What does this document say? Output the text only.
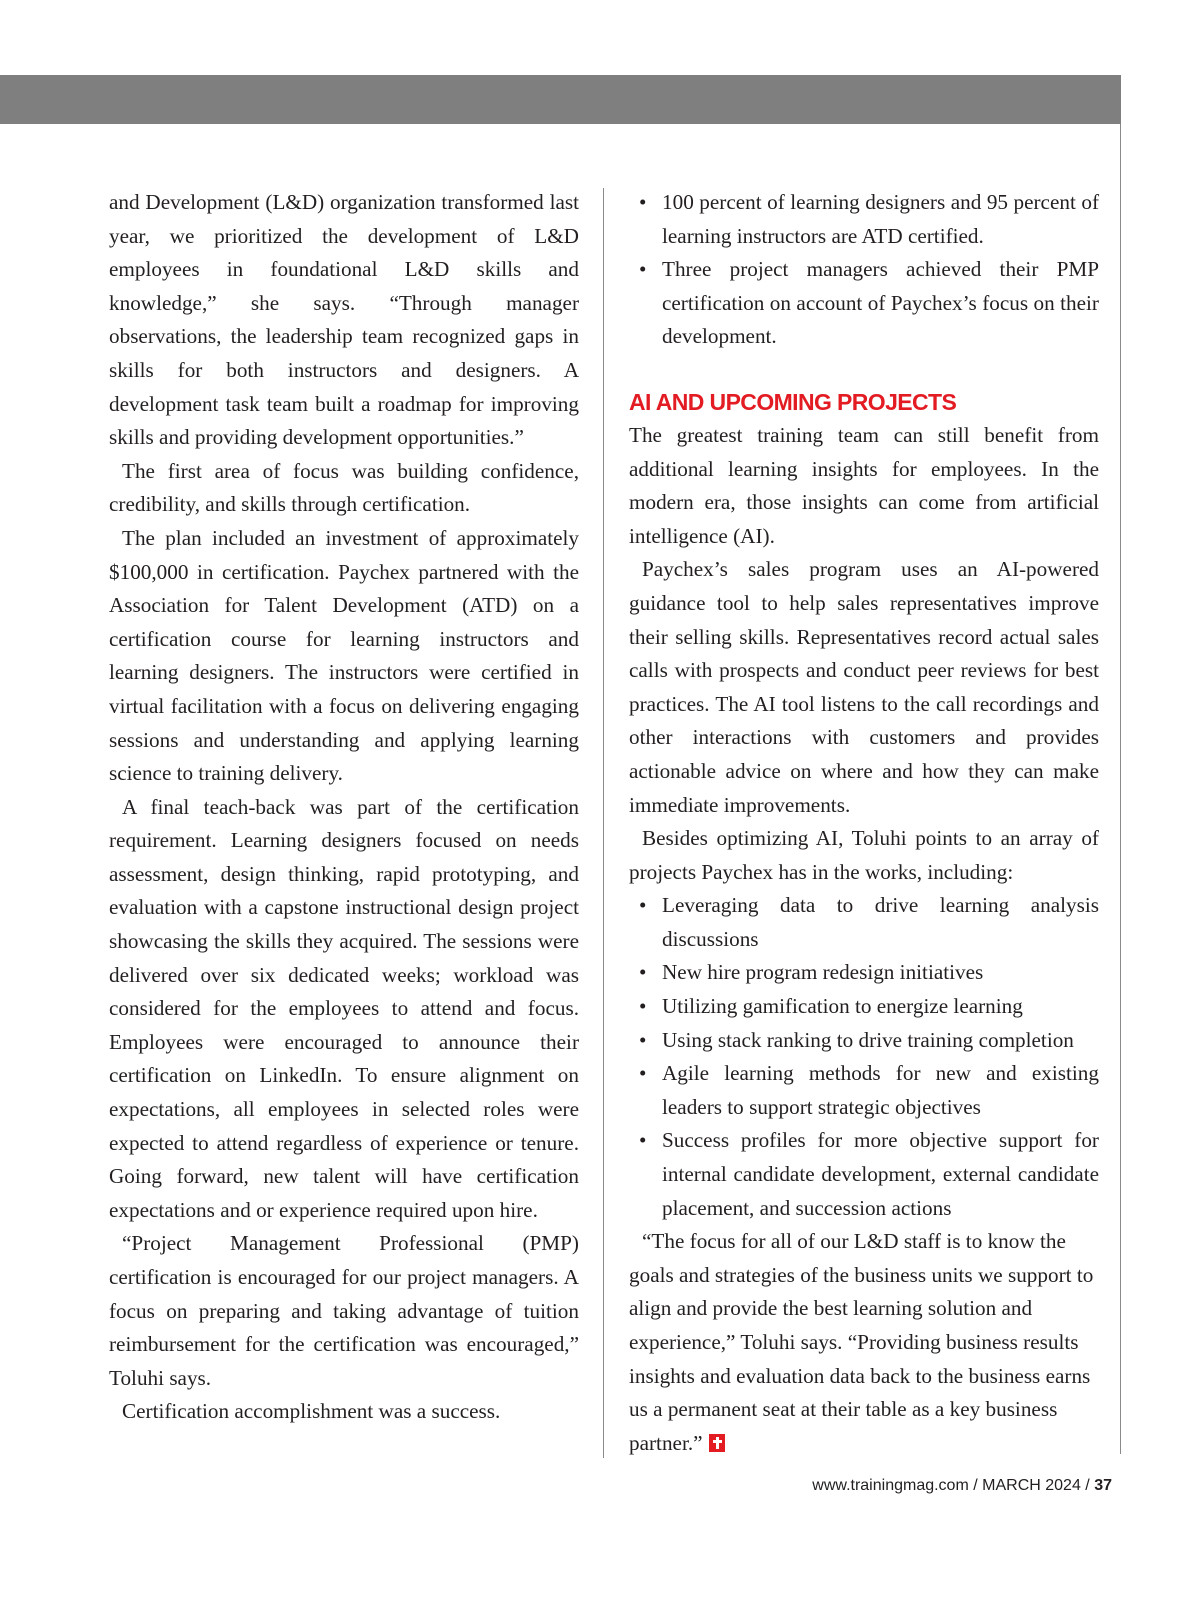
and Development (L&D) organization transformed last year, we prioritized the development of L&D employees in foundational L&D skills and knowledge,” she says. “Through manager observations, the leadership team recognized gaps in skills for both instructors and designers. A development task team built a roadmap for improving skills and providing development opportunities.”

The first area of focus was building confidence, credibility, and skills through certification.

The plan included an investment of approximately $100,000 in certification. Paychex partnered with the Association for Talent Development (ATD) on a certification course for learning instructors and learning designers. The instructors were certified in virtual facilitation with a focus on delivering engaging sessions and understanding and applying learning science to training delivery.

A final teach-back was part of the certification requirement. Learning designers focused on needs assessment, design thinking, rapid prototyping, and evaluation with a capstone instructional design project showcasing the skills they acquired. The sessions were delivered over six dedicated weeks; workload was considered for the employees to attend and focus. Employees were encouraged to announce their certification on LinkedIn. To ensure alignment on expectations, all employees in selected roles were expected to attend regardless of experience or tenure. Going forward, new talent will have certification expectations and or experience required upon hire.

“Project Management Professional (PMP) certification is encouraged for our project managers. A focus on preparing and taking advantage of tuition reimbursement for the certification was encouraged,” Toluhi says.

Certification accomplishment was a success.

• 100 percent of learning designers and 95 percent of learning instructors are ATD certified.
• Three project managers achieved their PMP certification on account of Paychex’s focus on their development.
AI AND UPCOMING PROJECTS

The greatest training team can still benefit from additional learning insights for employees. In the modern era, those insights can come from artificial intelligence (AI).

Paychex’s sales program uses an AI-powered guidance tool to help sales representatives improve their selling skills. Representatives record actual sales calls with prospects and conduct peer reviews for best practices. The AI tool listens to the call recordings and other interactions with customers and provides actionable advice on where and how they can make immediate improvements.

Besides optimizing AI, Toluhi points to an array of projects Paychex has in the works, including:

• Leveraging data to drive learning analysis discussions
• New hire program redesign initiatives
• Utilizing gamification to energize learning
• Using stack ranking to drive training completion
• Agile learning methods for new and existing leaders to support strategic objectives
• Success profiles for more objective support for internal candidate development, external candidate placement, and succession actions

“The focus for all of our L&D staff is to know the goals and strategies of the business units we support to align and provide the best learning solution and experience,” Toluhi says. “Providing business results insights and evaluation data back to the business earns us a permanent seat at their table as a key business partner.”

www.trainingmag.com / MARCH 2024 / 37
